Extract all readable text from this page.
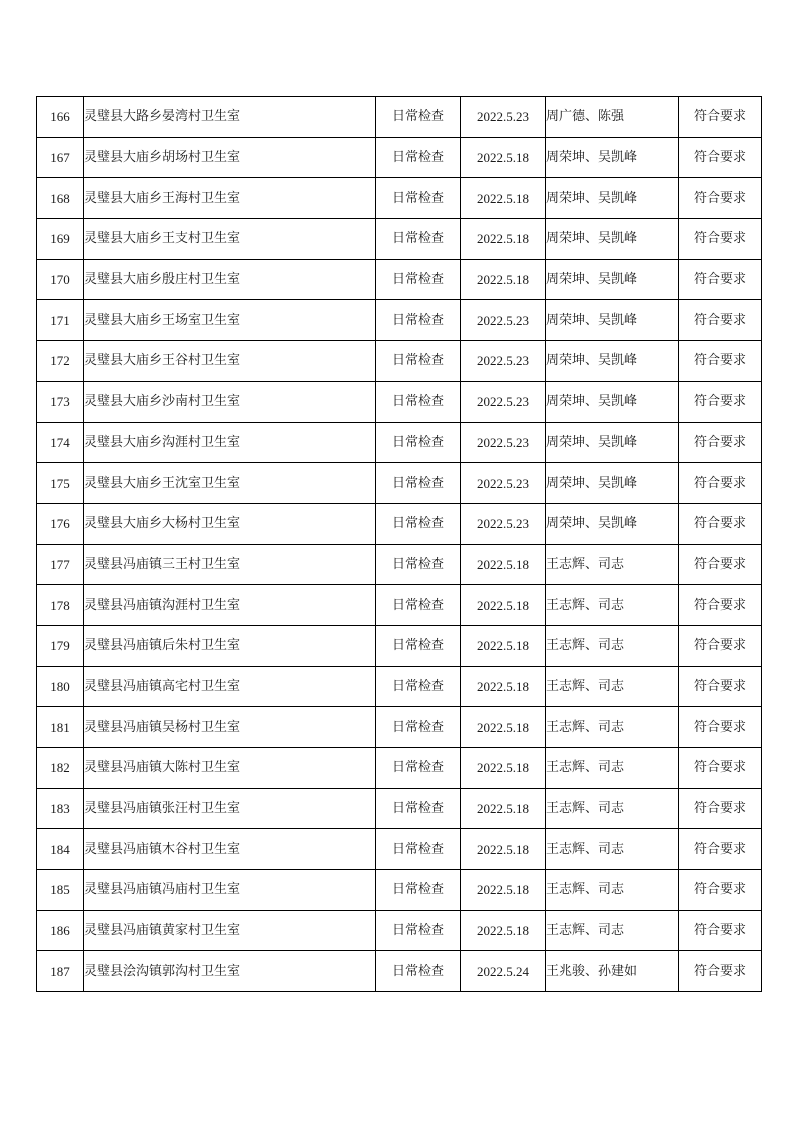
166	灵璧县大路乡晏湾村卫生室	日常检查	2022.5.23	周广德、陈强	符合要求
167	灵璧县大庙乡胡场村卫生室	日常检查	2022.5.18	周荣坤、吴凯峰	符合要求
168	灵璧县大庙乡王海村卫生室	日常检查	2022.5.18	周荣坤、吴凯峰	符合要求
169	灵璧县大庙乡王支村卫生室	日常检查	2022.5.18	周荣坤、吴凯峰	符合要求
170	灵璧县大庙乡殷庄村卫生室	日常检查	2022.5.18	周荣坤、吴凯峰	符合要求
171	灵璧县大庙乡王场室卫生室	日常检查	2022.5.23	周荣坤、吴凯峰	符合要求
172	灵璧县大庙乡王谷村卫生室	日常检查	2022.5.23	周荣坤、吴凯峰	符合要求
173	灵璧县大庙乡沙南村卫生室	日常检查	2022.5.23	周荣坤、吴凯峰	符合要求
174	灵璧县大庙乡沟涯村卫生室	日常检查	2022.5.23	周荣坤、吴凯峰	符合要求
175	灵璧县大庙乡王沈室卫生室	日常检查	2022.5.23	周荣坤、吴凯峰	符合要求
176	灵璧县大庙乡大杨村卫生室	日常检查	2022.5.23	周荣坤、吴凯峰	符合要求
177	灵璧县冯庙镇三王村卫生室	日常检查	2022.5.18	王志辉、司志	符合要求
178	灵璧县冯庙镇沟涯村卫生室	日常检查	2022.5.18	王志辉、司志	符合要求
179	灵璧县冯庙镇后朱村卫生室	日常检查	2022.5.18	王志辉、司志	符合要求
180	灵璧县冯庙镇高宅村卫生室	日常检查	2022.5.18	王志辉、司志	符合要求
181	灵璧县冯庙镇吴杨村卫生室	日常检查	2022.5.18	王志辉、司志	符合要求
182	灵璧县冯庙镇大陈村卫生室	日常检查	2022.5.18	王志辉、司志	符合要求
183	灵璧县冯庙镇张汪村卫生室	日常检查	2022.5.18	王志辉、司志	符合要求
184	灵璧县冯庙镇木谷村卫生室	日常检查	2022.5.18	王志辉、司志	符合要求
185	灵璧县冯庙镇冯庙村卫生室	日常检查	2022.5.18	王志辉、司志	符合要求
186	灵璧县冯庙镇黄家村卫生室	日常检查	2022.5.18	王志辉、司志	符合要求
187	灵璧县浍沟镇郭沟村卫生室	日常检查	2022.5.24	王兆骏、孙建如	符合要求
